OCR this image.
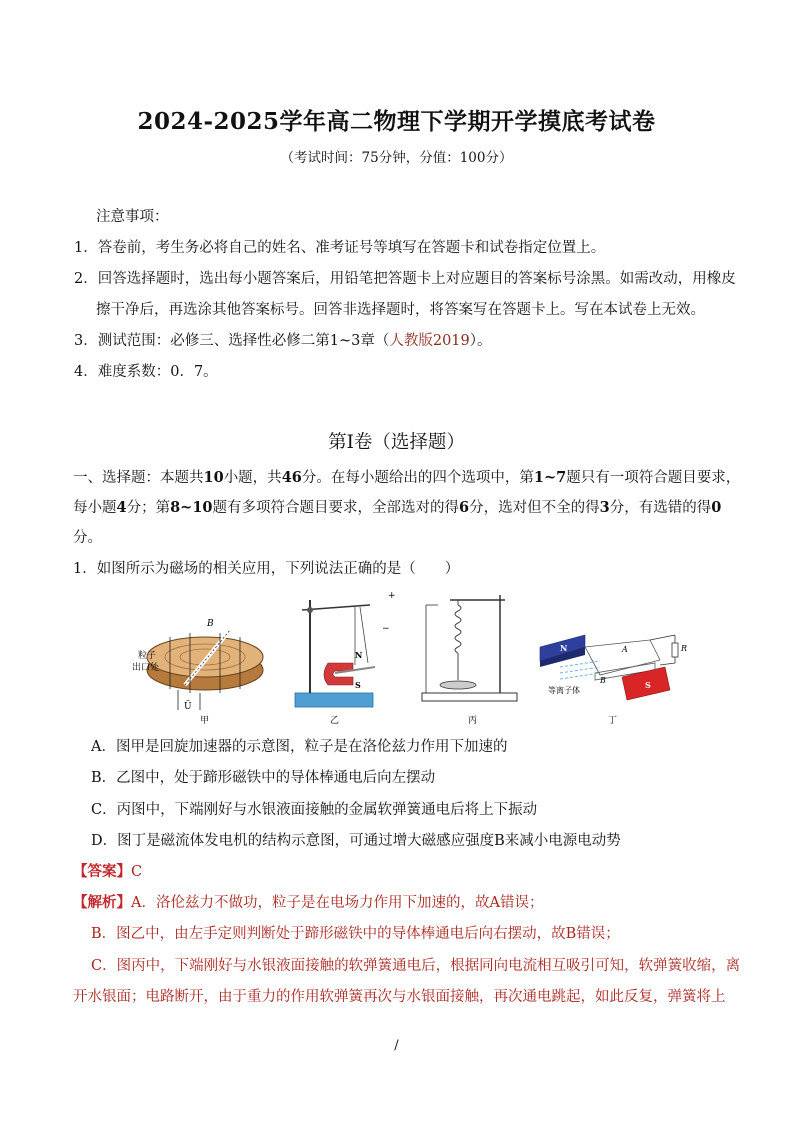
2024-2025学年高二物理下学期开学摸底考试卷
（考试时间：75分钟，分值：100分）
注意事项：
1．答卷前，考生务必将自己的姓名、准考证号等填写在答题卡和试卷指定位置上。
2．回答选择题时，选出每小题答案后，用铅笔把答题卡上对应题目的答案标号涂黑。如需改动，用橡皮
擦干净后，再选涂其他答案标号。回答非选择题时，将答案写在答题卡上。写在本试卷上无效。
3．测试范围：必修三、选择性必修二第1~3章（人教版2019）。
4．难度系数：0．7。
第Ⅰ卷（选择题）
一、选择题：本题共10小题，共46分。在每小题给出的四个选项中，第1~7题只有一项符合题目要求，
每小题4分；第8~10题有多项符合题目要求，全部选对的得6分，选对但不全的得3分，有选错的得0
分。
1．如图所示为磁场的相关应用，下列说法正确的是（　　）
B
粒子
出口处
Ũ
甲
N
S
+
−
乙	丙
N	R
A
B	S
等离子体
丁
A．图甲是回旋加速器的示意图，粒子是在洛伦兹力作用下加速的
B．乙图中，处于蹄形磁铁中的导体棒通电后向左摆动
C．丙图中，下端刚好与水银液面接触的金属软弹簧通电后将上下振动
D．图丁是磁流体发电机的结构示意图，可通过增大磁感应强度B来减小电源电动势
【答案】C
【解析】A．洛伦兹力不做功，粒子是在电场力作用下加速的，故A错误；
B．图乙中，由左手定则判断处于蹄形磁铁中的导体棒通电后向右摆动，故B错误；
C．图丙中，下端刚好与水银液面接触的软弹簧通电后，根据同向电流相互吸引可知，软弹簧收缩，离
开水银面；电路断开，由于重力的作用软弹簧再次与水银面接触，再次通电跳起，如此反复，弹簧将上
/
